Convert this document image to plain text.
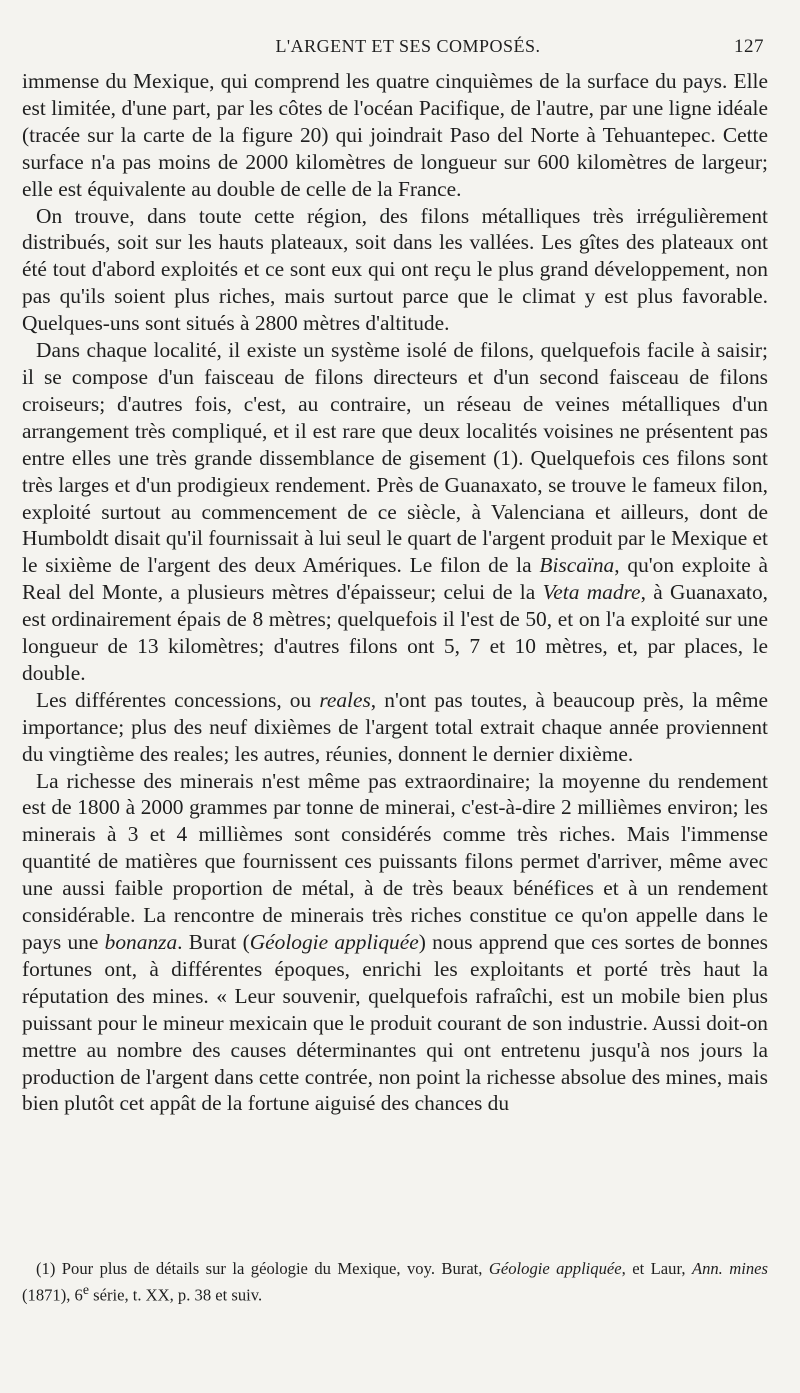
L'ARGENT ET SES COMPOSÉS.	127

immense du Mexique, qui comprend les quatre cinquièmes de la surface du pays. Elle est limitée, d'une part, par les côtes de l'océan Pacifique, de l'autre, par une ligne idéale (tracée sur la carte de la figure 20) qui joindrait Paso del Norte à Tehuantepec. Cette surface n'a pas moins de 2000 kilomètres de longueur sur 600 kilomètres de largeur; elle est équivalente au double de celle de la France.

On trouve, dans toute cette région, des filons métalliques très irrégulièrement distribués, soit sur les hauts plateaux, soit dans les vallées. Les gîtes des plateaux ont été tout d'abord exploités et ce sont eux qui ont reçu le plus grand développement, non pas qu'ils soient plus riches, mais surtout parce que le climat y est plus favorable. Quelques-uns sont situés à 2800 mètres d'altitude.

Dans chaque localité, il existe un système isolé de filons, quelquefois facile à saisir; il se compose d'un faisceau de filons directeurs et d'un second faisceau de filons croiseurs; d'autres fois, c'est, au contraire, un réseau de veines métalliques d'un arrangement très compliqué, et il est rare que deux localités voisines ne présentent pas entre elles une très grande dissemblance de gisement (1). Quelquefois ces filons sont très larges et d'un prodigieux rendement. Près de Guanaxato, se trouve le fameux filon, exploité surtout au commencement de ce siècle, à Valenciana et ailleurs, dont de Humboldt disait qu'il fournissait à lui seul le quart de l'argent produit par le Mexique et le sixième de l'argent des deux Amériques. Le filon de la Biscaïna, qu'on exploite à Real del Monte, a plusieurs mètres d'épaisseur; celui de la Veta madre, à Guanaxato, est ordinairement épais de 8 mètres; quelquefois il l'est de 50, et on l'a exploité sur une longueur de 13 kilomètres; d'autres filons ont 5, 7 et 10 mètres, et, par places, le double.

Les différentes concessions, ou reales, n'ont pas toutes, à beaucoup près, la même importance; plus des neuf dixièmes de l'argent total extrait chaque année proviennent du vingtième des reales; les autres, réunies, donnent le dernier dixième.

La richesse des minerais n'est même pas extraordinaire; la moyenne du rendement est de 1800 à 2000 grammes par tonne de minerai, c'est-à-dire 2 millièmes environ; les minerais à 3 et 4 millièmes sont considérés comme très riches. Mais l'immense quantité de matières que fournissent ces puissants filons permet d'arriver, même avec une aussi faible proportion de métal, à de très beaux bénéfices et à un rendement considérable. La rencontre de minerais très riches constitue ce qu'on appelle dans le pays une bonanza. Burat (Géologie appliquée) nous apprend que ces sortes de bonnes fortunes ont, à différentes époques, enrichi les exploitants et porté très haut la réputation des mines. « Leur souvenir, quelquefois rafraîchi, est un mobile bien plus puissant pour le mineur mexicain que le produit courant de son industrie. Aussi doit-on mettre au nombre des causes déterminantes qui ont entretenu jusqu'à nos jours la production de l'argent dans cette contrée, non point la richesse absolue des mines, mais bien plutôt cet appât de la fortune aiguisé des chances du

(1) Pour plus de détails sur la géologie du Mexique, voy. Burat, Géologie appliquée, et Laur, Ann. mines (1871), 6e série, t. XX, p. 38 et suiv.
